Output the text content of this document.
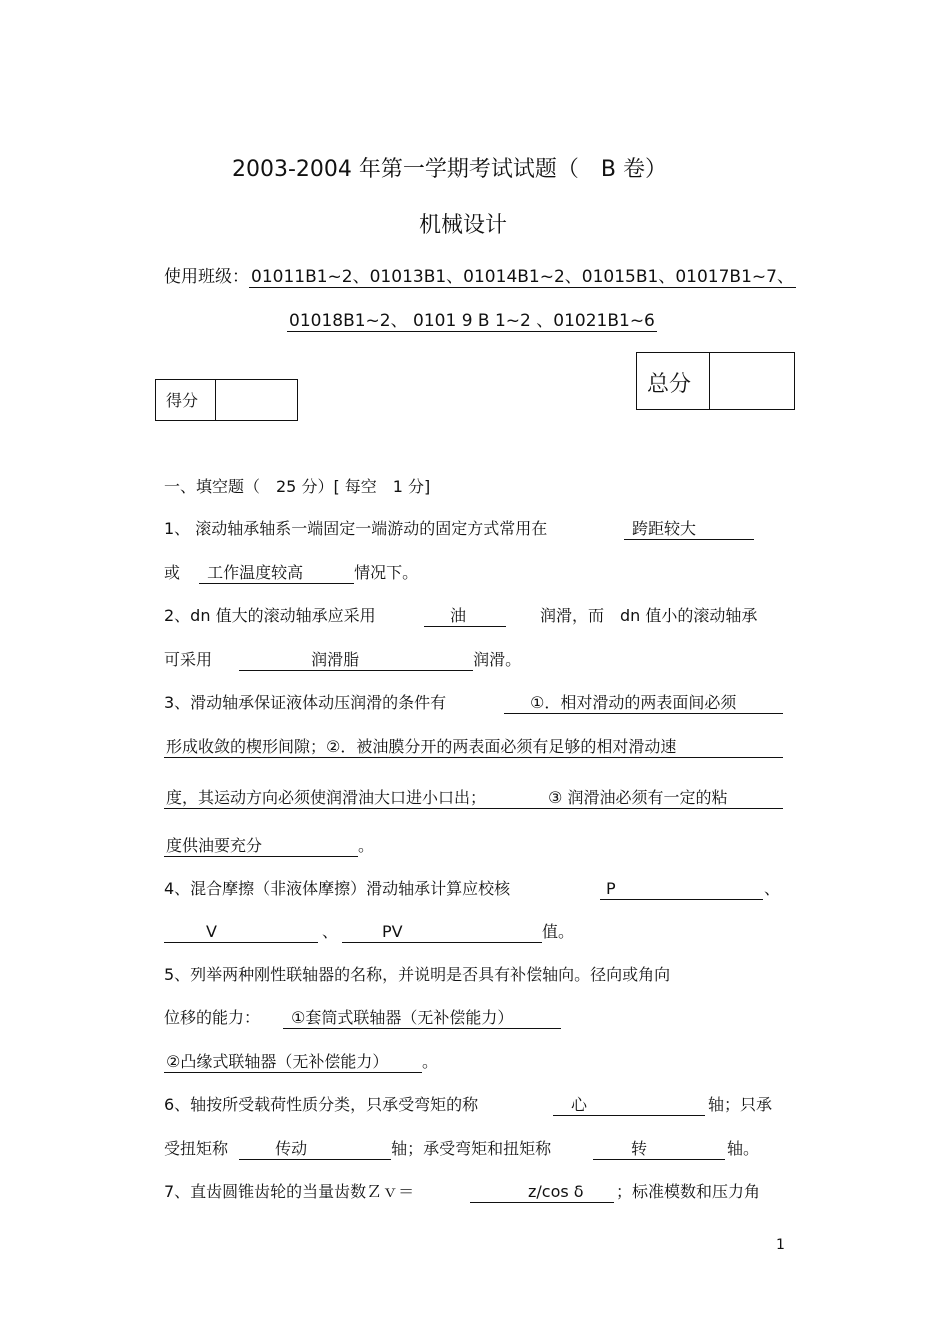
2003-2004 年第一学期考试试题（　B 卷）
机械设计
使用班级： 01011B1~2、01013B1、01014B1~2、01015B1、01017B1~7、
01018B1~2、 0101 9 B 1~2 、01021B1~6
总分
得分
一、填空题（　25 分）[ 每空　1 分]
1、 滚动轴承轴系一端固定一端游动的固定方式常用在	跨距较大
或 工作温度较高	情况下。
2、dn 值大的滚动轴承应采用	油	润滑，而　dn 值小的滚动轴承
可采用	润滑脂	润滑。
3、滑动轴承保证液体动压润滑的条件有	①．相对滑动的两表面间必须
形成收敛的楔形间隙；②．被油膜分开的两表面必须有足够的相对滑动速
度，其运动方向必须使润滑油大口进小口出；	③ 润滑油必须有一定的粘
度供油要充分	。
4、混合摩擦（非液体摩擦）滑动轴承计算应校核	P	、
V	、	PV	值。
5、列举两种刚性联轴器的名称，并说明是否具有补偿轴向。径向或角向
位移的能力：	①套筒式联轴器（无补偿能力）
②凸缘式联轴器（无补偿能力） 。
6、轴按所受载荷性质分类，只承受弯矩的称	心	轴；只承
受扭矩称	传动	轴；承受弯矩和扭矩称	转	轴。
7、直齿圆锥齿轮的当量齿数Ｚｖ＝	z/cos δ	；标准模数和压力角
1
